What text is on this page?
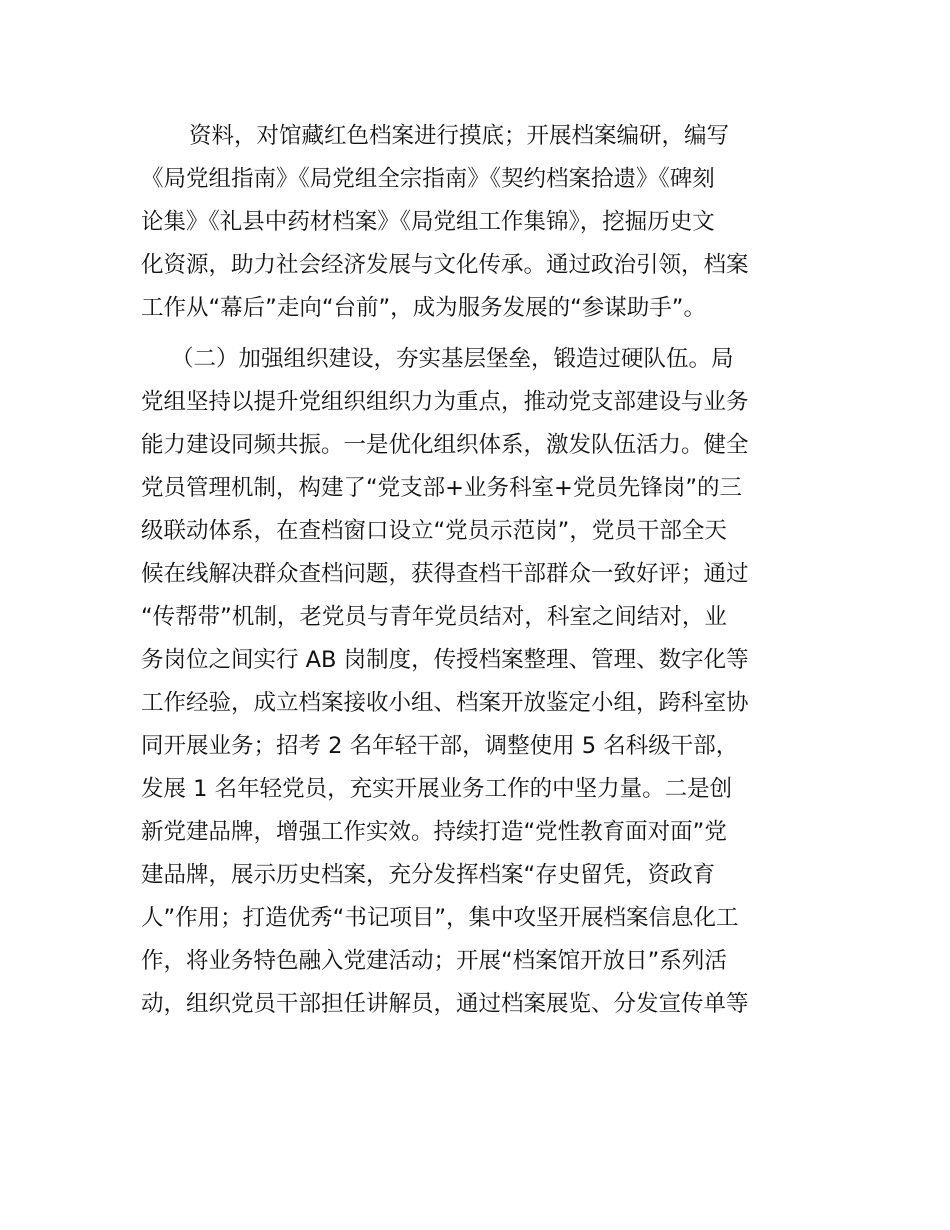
资料，对馆藏红色档案进行摸底；开展档案编研，编写
《局党组指南》《局党组全宗指南》《契约档案拾遗》《碑刻
论集》《礼县中药材档案》《局党组工作集锦》，挖掘历史文
化资源，助力社会经济发展与文化传承。通过政治引领，档案
工作从“幕后”走向“台前”，成为服务发展的“参谋助手”。
（二）加强组织建设，夯实基层堡垒，锻造过硬队伍。局
党组坚持以提升党组织组织力为重点，推动党支部建设与业务
能力建设同频共振。一是优化组织体系，激发队伍活力。健全
党员管理机制，构建了“党支部+业务科室+党员先锋岗”的三
级联动体系，在查档窗口设立“党员示范岗”，党员干部全天
候在线解决群众查档问题，获得查档干部群众一致好评；通过
“传帮带”机制，老党员与青年党员结对，科室之间结对，业
务岗位之间实行 AB 岗制度，传授档案整理、管理、数字化等
工作经验，成立档案接收小组、档案开放鉴定小组，跨科室协
同开展业务；招考 2 名年轻干部，调整使用 5 名科级干部，
发展 1 名年轻党员，充实开展业务工作的中坚力量。二是创
新党建品牌，增强工作实效。持续打造“党性教育面对面”党
建品牌，展示历史档案，充分发挥档案“存史留凭，资政育
人”作用；打造优秀“书记项目”，集中攻坚开展档案信息化工
作，将业务特色融入党建活动；开展“档案馆开放日”系列活
动，组织党员干部担任讲解员，通过档案展览、分发宣传单等
